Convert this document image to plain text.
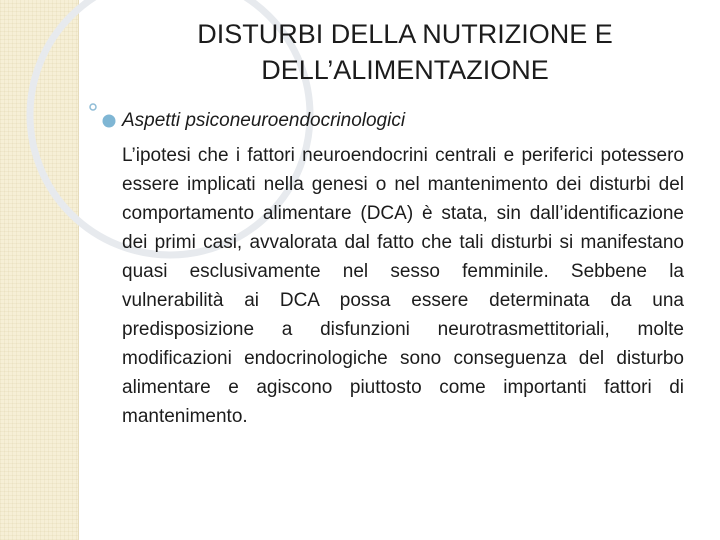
DISTURBI DELLA NUTRIZIONE E DELL’ALIMENTAZIONE

Aspetti psiconeuroendocrinologici

L’ipotesi che i fattori neuroendocrini centrali e periferici potessero essere implicati nella genesi o nel mantenimento dei disturbi del comportamento alimentare (DCA) è stata, sin dall’identificazione dei primi casi, avvalorata dal fatto che tali disturbi si manifestano quasi esclusivamente nel sesso femminile. Sebbene la vulnerabilità ai DCA possa essere determinata da una predisposizione a disfunzioni neurotrasmettitoriali, molte modificazioni endocrinologiche sono conseguenza del disturbo alimentare e agiscono piuttosto come importanti fattori di mantenimento.
